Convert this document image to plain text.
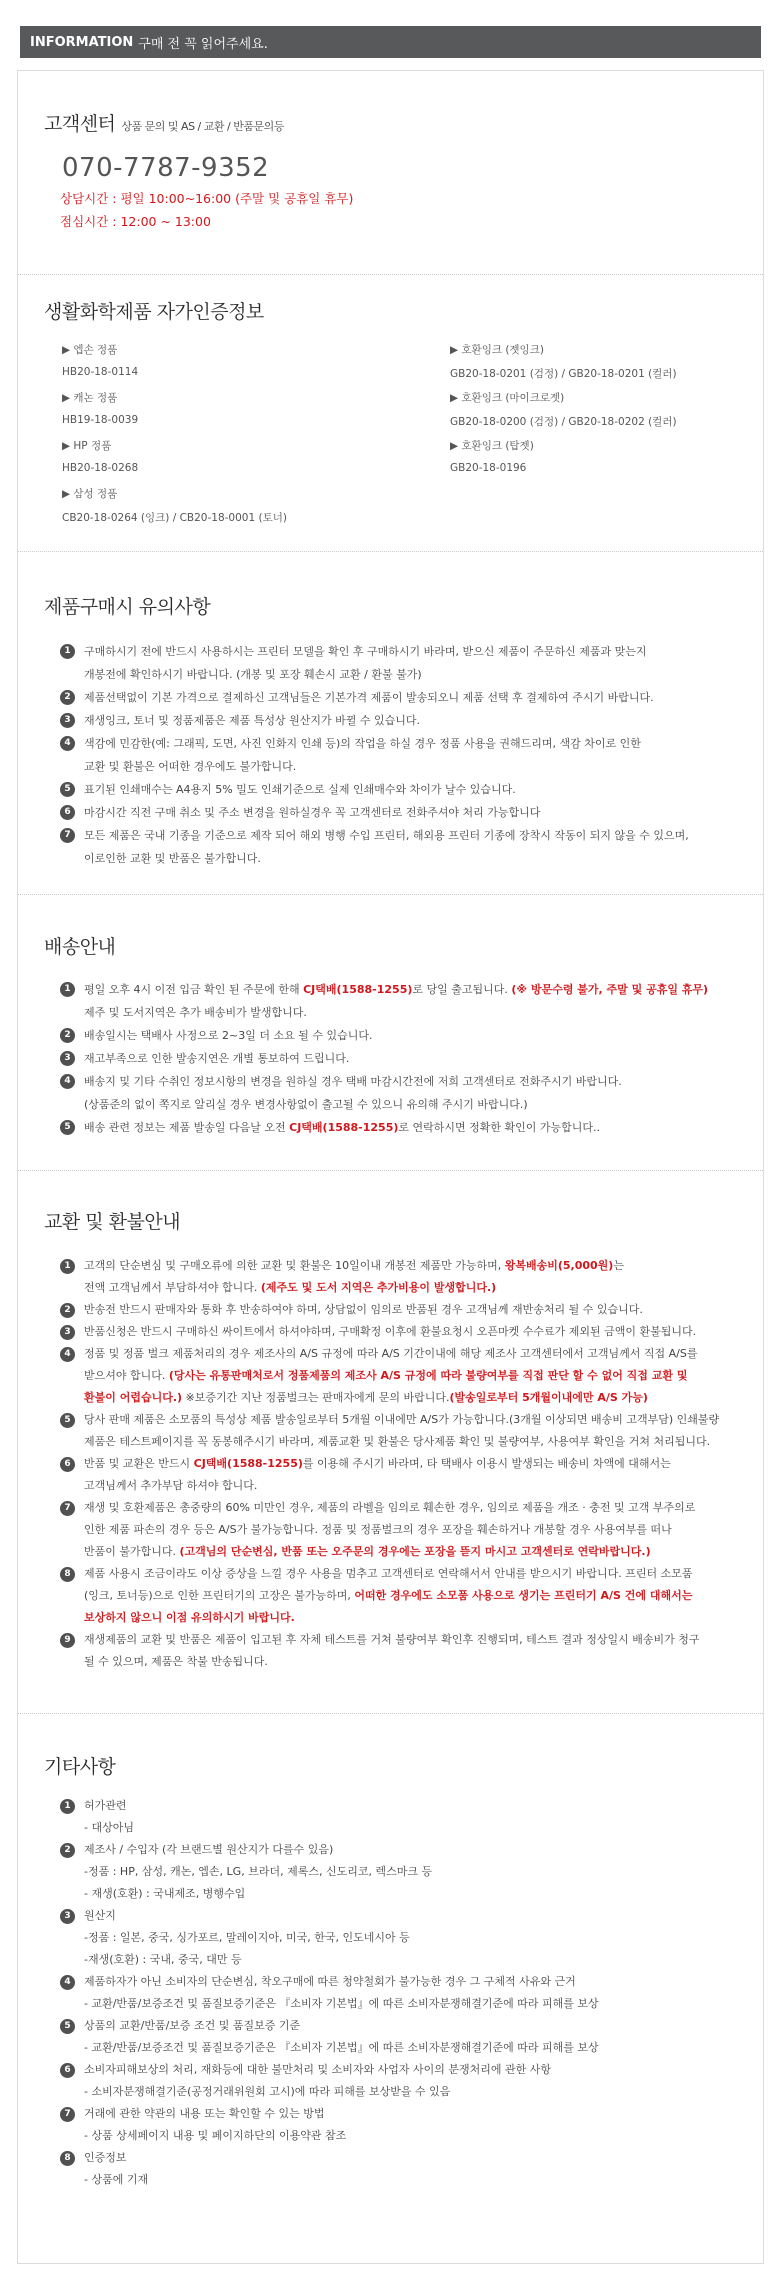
INFORMATION 구매 전 꼭 읽어주세요.
고객센터 상품 문의 및 AS / 교환 / 반품문의등
070-7787-9352
상담시간 : 평일 10:00~16:00 (주말 및 공휴일 휴무)
점심시간 : 12:00 ~ 13:00
생활화학제품 자가인증정보
▶ 엡손 정품
HB20-18-0114
▶ 캐논 정품
HB19-18-0039
▶ HP 정품
HB20-18-0268
▶ 삼성 정품
CB20-18-0264 (잉크) / CB20-18-0001 (토너)
▶ 호환잉크 (젯잉크)
GB20-18-0201 (검정) / GB20-18-0201 (컬러)
▶ 호환잉크 (마이크로젯)
GB20-18-0200 (검정) / GB20-18-0202 (컬러)
▶ 호환잉크 (탑젯)
GB20-18-0196
제품구매시 유의사항
1	구매하시기 전에 반드시 사용하시는 프린터 모델을 확인 후 구매하시기 바라며, 받으신 제품이 주문하신 제품과 맞는지
개봉전에 확인하시기 바랍니다. (개봉 및 포장 훼손시 교환 / 환불 불가)
2	제품선택없이 기본 가격으로 결제하신 고객님들은 기본가격 제품이 발송되오니 제품 선택 후 결제하여 주시기 바랍니다.
3	재생잉크, 토너 및 정품제품은 제품 특성상 원산지가 바뀔 수 있습니다.
4	색감에 민감한(예: 그래픽, 도면, 사진 인화지 인쇄 등)의 작업을 하실 경우 정품 사용을 권해드리며, 색감 차이로 인한
교환 및 환불은 어떠한 경우에도 불가합니다.
5	표기된 인쇄매수는 A4용지 5% 밀도 인쇄기준으로 실제 인쇄매수와 차이가 날수 있습니다.
6	마감시간 직전 구매 취소 및 주소 변경을 원하실경우 꼭 고객센터로 전화주셔야 처리 가능합니다
7	모든 제품은 국내 기종을 기준으로 제작 되어 해외 병행 수입 프린터, 해외용 프린터 기종에 장착시 작동이 되지 않을 수 있으며,
이로인한 교환 및 반품은 불가합니다.
배송안내
1	평일 오후 4시 이전 입금 확인 된 주문에 한해 CJ택배(1588-1255)로 당일 출고됩니다. (※ 방문수령 불가, 주말 및 공휴일 휴무)
제주 및 도서지역은 추가 배송비가 발생합니다.
2	배송일시는 택배사 사정으로 2~3일 더 소요 될 수 있습니다.
3	재고부족으로 인한 발송지연은 개별 통보하여 드립니다.
4	배송지 및 기타 수취인 정보시항의 변경을 원하실 경우 택배 마감시간전에 저희 고객센터로 전화주시기 바랍니다.
(상품준의 없이 쪽지로 알리실 경우 변경사항없이 출고될 수 있으니 유의해 주시기 바랍니다.)
5	배송 관련 정보는 제품 발송일 다음날 오전 CJ택배(1588-1255)로 연락하시면 정확한 확인이 가능합니다..
교환 및 환불안내
1	고객의 단순변심 및 구매오류에 의한 교환 및 환불은 10일이내 개봉전 제품만 가능하며, 왕복배송비(5,000원)는
전액 고객님께서 부담하셔야 합니다. (제주도 및 도서 지역은 추가비용이 발생합니다.)
2	반송전 반드시 판매자와 통화 후 반송하여야 하며, 상담없이 임의로 반품된 경우 고객님께 재반송처리 될 수 있습니다.
3	반품신청은 반드시 구매하신 싸이트에서 하셔야하며, 구매확정 이후에 환불요청시 오픈마켓 수수료가 제외된 금액이 환불됩니다.
4	정품 및 정품 벌크 제품처리의 경우 제조사의 A/S 규정에 따라 A/S 기간이내에 해당 제조사 고객센터에서 고객님께서 직접 A/S를
받으셔야 합니다. (당사는 유통판매처로서 정품제품의 제조사 A/S 규정에 따라 불량여부를 직접 판단 할 수 없어 직접 교환 및
환불이 어렵습니다.) ※보증기간 지난 정품벌크는 판매자에게 문의 바랍니다.(발송일로부터 5개월이내에만 A/S 가능)
5	당사 판매 제품은 소모품의 특성상 제품 발송일로부터 5개월 이내에만 A/S가 가능합니다.(3개월 이상되면 배송비 고객부담) 인쇄불량
제품은 테스트페이지를 꼭 동봉해주시기 바라며, 제품교환 및 환불은 당사제품 확인 및 불량여부, 사용여부 확인을 거쳐 처리됩니다.
6	반품 및 교환은 반드시 CJ택배(1588-1255)를 이용해 주시기 바라며, 타 택배사 이용시 발생되는 배송비 차액에 대해서는
고객님께서 추가부담 하셔야 합니다.
7	재생 및 호환제품은 총중량의 60% 미만인 경우, 제품의 라벨을 임의로 훼손한 경우, 임의로 제품을 개조 · 충전 및 고객 부주의로
인한 제품 파손의 경우 등은 A/S가 불가능합니다. 정품 및 정품벌크의 경우 포장을 훼손하거나 개봉할 경우 사용여부를 떠나
반품이 불가합니다. (고객님의 단순변심, 반품 또는 오주문의 경우에는 포장을 뜯지 마시고 고객센터로 연락바랍니다.)
8	제품 사용시 조금이라도 이상 증상을 느낄 경우 사용을 멈추고 고객센터로 연락해서서 안내를 받으시기 바랍니다. 프린터 소모품
(잉크, 토너등)으로 인한 프린터기의 고장은 불가능하며, 어떠한 경우에도 소모품 사용으로 생기는 프린터기 A/S 건에 대해서는
보상하지 않으니 이점 유의하시기 바랍니다.
9	재생제품의 교환 및 반품은 제품이 입고된 후 자체 테스트를 거쳐 불량여부 확인후 진행되며, 테스트 결과 정상일시 배송비가 청구
될 수 있으며, 제품은 착불 반송됩니다.
기타사항
1	허가관련
- 대상아님
2	제조사 / 수입자 (각 브랜드별 원산지가 다를수 있음)
-정품 : HP, 삼성, 캐논, 엡손, LG, 브라더, 제록스, 신도리코, 렉스마크 등
- 재생(호환) : 국내제조, 병행수입
3	원산지
-정품 : 일본, 중국, 싱가포르, 말레이지아, 미국, 한국, 인도네시아 등
-재생(호환) : 국내, 중국, 대만 등
4	제품하자가 아닌 소비자의 단순변심, 착오구매에 따른 청약철회가 불가능한 경우 그 구체적 사유와 근거
- 교환/반품/보증조건 및 품질보증기준은 『소비자 기본법』에 따른 소비자분쟁해결기준에 따라 피해를 보상
5	상품의 교환/반품/보증 조건 및 품질보증 기준
- 교환/반품/보증조건 및 품질보증기준은 『소비자 기본법』에 따른 소비자분쟁해결기준에 따라 피해를 보상
6	소비자피해보상의 처리, 재화등에 대한 불만처리 및 소비자와 사업자 사이의 분쟁처리에 관한 사항
- 소비자분쟁해결기준(공정거래위원회 고시)에 따라 피해를 보상받을 수 있음
7	거래에 관한 약관의 내용 또는 확인할 수 있는 방법
- 상품 상세페이지 내용 및 페이지하단의 이용약관 참조
8	인증정보
- 상품에 기재
